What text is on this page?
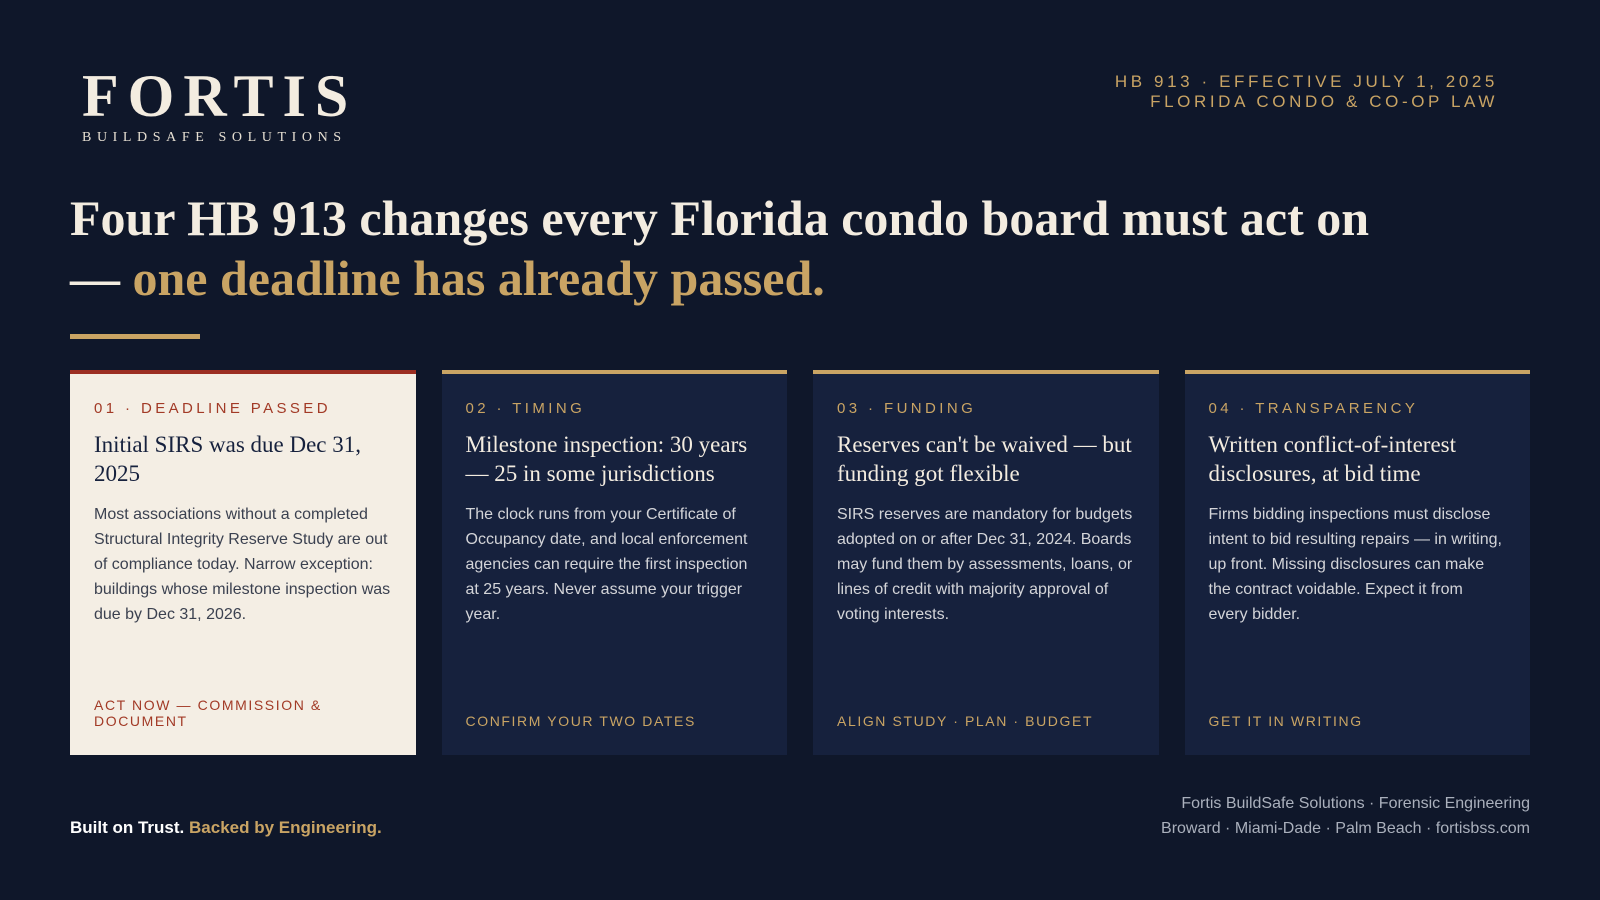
FORTIS
BUILDSAFE SOLUTIONS
HB 913 · EFFECTIVE JULY 1, 2025
FLORIDA CONDO & CO-OP LAW
Four HB 913 changes every Florida condo board must act on — one deadline has already passed.
01 · DEADLINE PASSED
Initial SIRS was due Dec 31, 2025
Most associations without a completed Structural Integrity Reserve Study are out of compliance today. Narrow exception: buildings whose milestone inspection was due by Dec 31, 2026.
ACT NOW — COMMISSION & DOCUMENT
02 · TIMING
Milestone inspection: 30 years — 25 in some jurisdictions
The clock runs from your Certificate of Occupancy date, and local enforcement agencies can require the first inspection at 25 years. Never assume your trigger year.
CONFIRM YOUR TWO DATES
03 · FUNDING
Reserves can't be waived — but funding got flexible
SIRS reserves are mandatory for budgets adopted on or after Dec 31, 2024. Boards may fund them by assessments, loans, or lines of credit with majority approval of voting interests.
ALIGN STUDY · PLAN · BUDGET
04 · TRANSPARENCY
Written conflict-of-interest disclosures, at bid time
Firms bidding inspections must disclose intent to bid resulting repairs — in writing, up front. Missing disclosures can make the contract voidable. Expect it from every bidder.
GET IT IN WRITING
Built on Trust. Backed by Engineering.
Fortis BuildSafe Solutions · Forensic Engineering
Broward · Miami-Dade · Palm Beach · fortisbss.com
